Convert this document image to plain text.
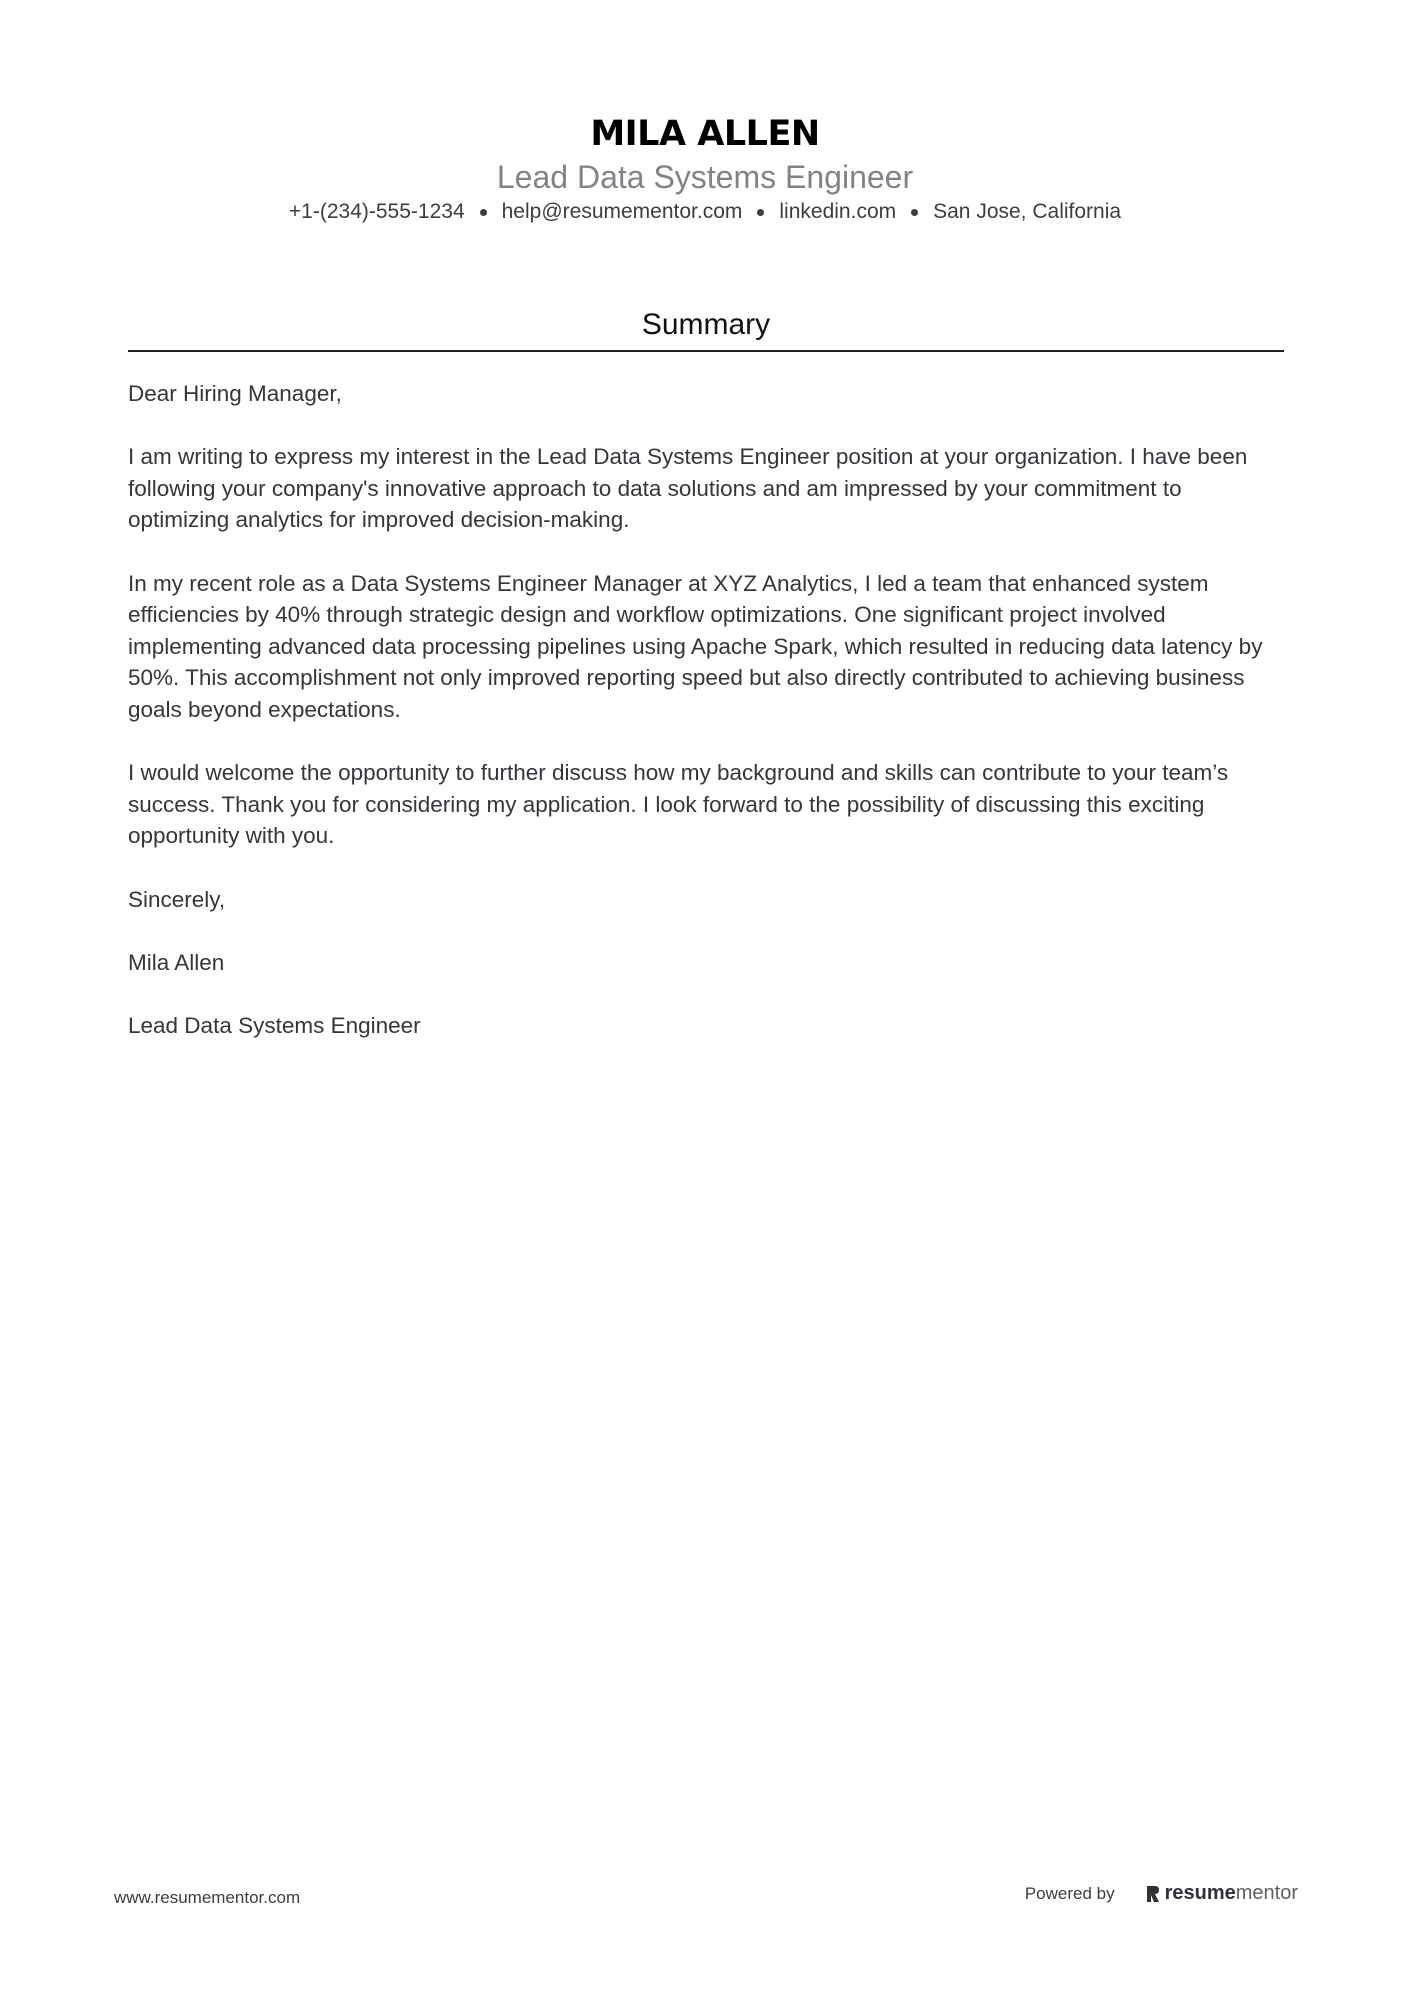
MILA ALLEN
Lead Data Systems Engineer
+1-(234)-555-1234 help@resumementor.com linkedin.com San Jose, California
Summary

Dear Hiring Manager,

I am writing to express my interest in the Lead Data Systems Engineer position at your organization. I have been following your company's innovative approach to data solutions and am impressed by your commitment to optimizing analytics for improved decision-making.

In my recent role as a Data Systems Engineer Manager at XYZ Analytics, I led a team that enhanced system efficiencies by 40% through strategic design and workflow optimizations. One significant project involved implementing advanced data processing pipelines using Apache Spark, which resulted in reducing data latency by 50%. This accomplishment not only improved reporting speed but also directly contributed to achieving business goals beyond expectations.

I would welcome the opportunity to further discuss how my background and skills can contribute to your team’s success. Thank you for considering my application. I look forward to the possibility of discussing this exciting opportunity with you.

Sincerely,

Mila Allen

Lead Data Systems Engineer

www.resumementor.com	Powered by	resume mentor
